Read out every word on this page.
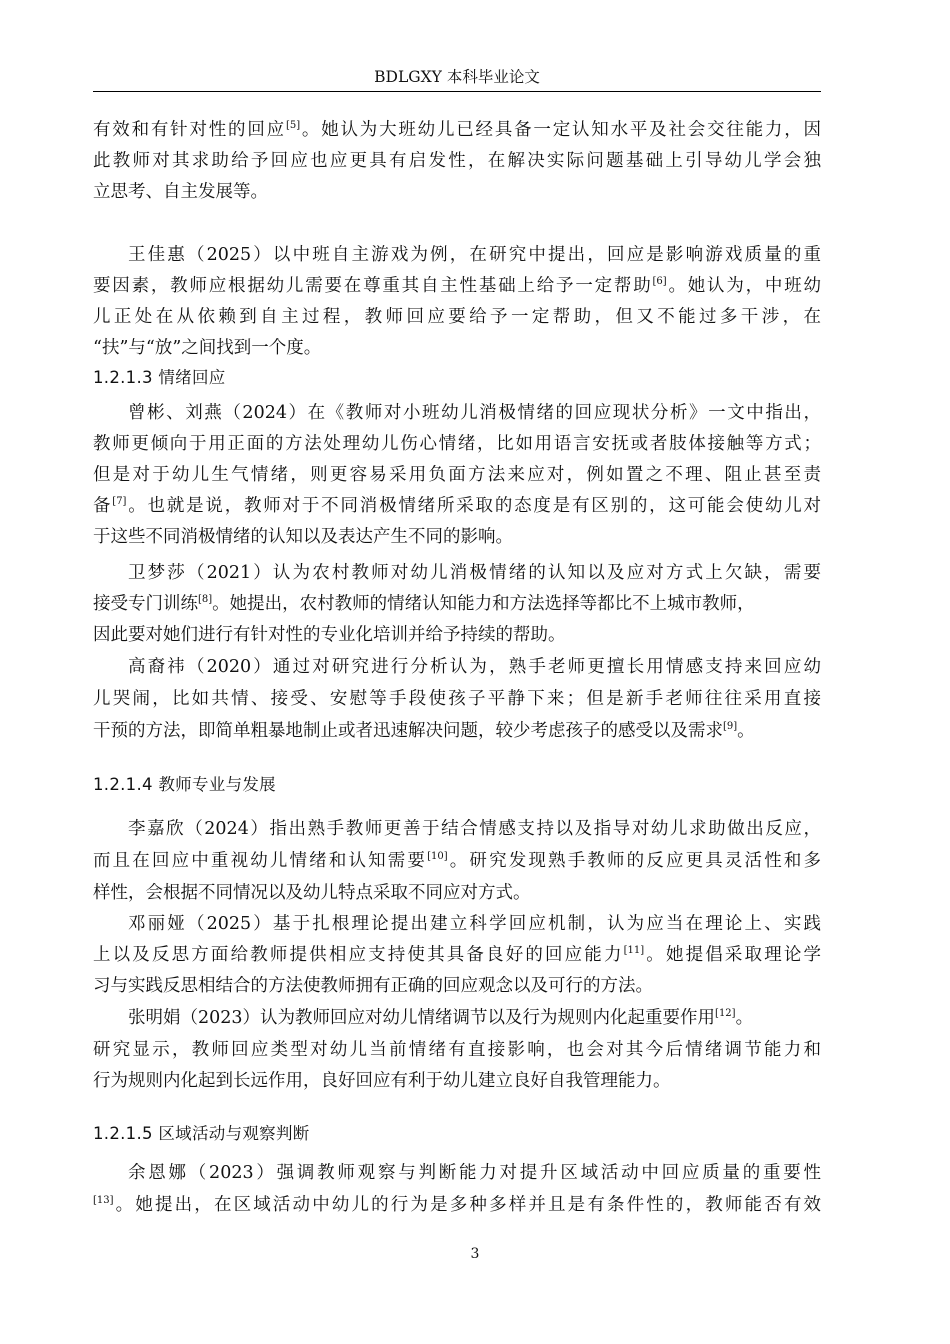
BDLGXY 本科毕业论文
有效和有针对性的回应[5]。她认为大班幼儿已经具备一定认知水平及社会交往能力，因
此教师对其求助给予回应也应更具有启发性，在解决实际问题基础上引导幼儿学会独
立思考、自主发展等。
王佳惠（2025）以中班自主游戏为例，在研究中提出，回应是影响游戏质量的重
要因素，教师应根据幼儿需要在尊重其自主性基础上给予一定帮助[6]。她认为，中班幼
儿正处在从依赖到自主过程，教师回应要给予一定帮助，但又不能过多干涉，在
“扶”与“放”之间找到一个度。
1.2.1.3 情绪回应
曾彬、刘燕（2024）在《教师对小班幼儿消极情绪的回应现状分析》一文中指出，
教师更倾向于用正面的方法处理幼儿伤心情绪，比如用语言安抚或者肢体接触等方式；
但是对于幼儿生气情绪，则更容易采用负面方法来应对，例如置之不理、阻止甚至责
备[7]。也就是说，教师对于不同消极情绪所采取的态度是有区别的，这可能会使幼儿对
于这些不同消极情绪的认知以及表达产生不同的影响。
卫梦莎（2021）认为农村教师对幼儿消极情绪的认知以及应对方式上欠缺，需要
接受专门训练[8]。她提出，农村教师的情绪认知能力和方法选择等都比不上城市教师，
因此要对她们进行有针对性的专业化培训并给予持续的帮助。
高裔祎（2020）通过对研究进行分析认为，熟手老师更擅长用情感支持来回应幼
儿哭闹，比如共情、接受、安慰等手段使孩子平静下来；但是新手老师往往采用直接
干预的方法，即简单粗暴地制止或者迅速解决问题，较少考虑孩子的感受以及需求[9]。
1.2.1.4 教师专业与发展
李嘉欣（2024）指出熟手教师更善于结合情感支持以及指导对幼儿求助做出反应，
而且在回应中重视幼儿情绪和认知需要[10]。研究发现熟手教师的反应更具灵活性和多
样性，会根据不同情况以及幼儿特点采取不同应对方式。
邓丽娅（2025）基于扎根理论提出建立科学回应机制，认为应当在理论上、实践
上以及反思方面给教师提供相应支持使其具备良好的回应能力[11]。她提倡采取理论学
习与实践反思相结合的方法使教师拥有正确的回应观念以及可行的方法。
张明娟（2023）认为教师回应对幼儿情绪调节以及行为规则内化起重要作用[12]。
研究显示，教师回应类型对幼儿当前情绪有直接影响，也会对其今后情绪调节能力和
行为规则内化起到长远作用，良好回应有利于幼儿建立良好自我管理能力。
1.2.1.5 区域活动与观察判断
余恩娜（2023）强调教师观察与判断能力对提升区域活动中回应质量的重要性
[13]。她提出，在区域活动中幼儿的行为是多种多样并且是有条件性的，教师能否有效
3
